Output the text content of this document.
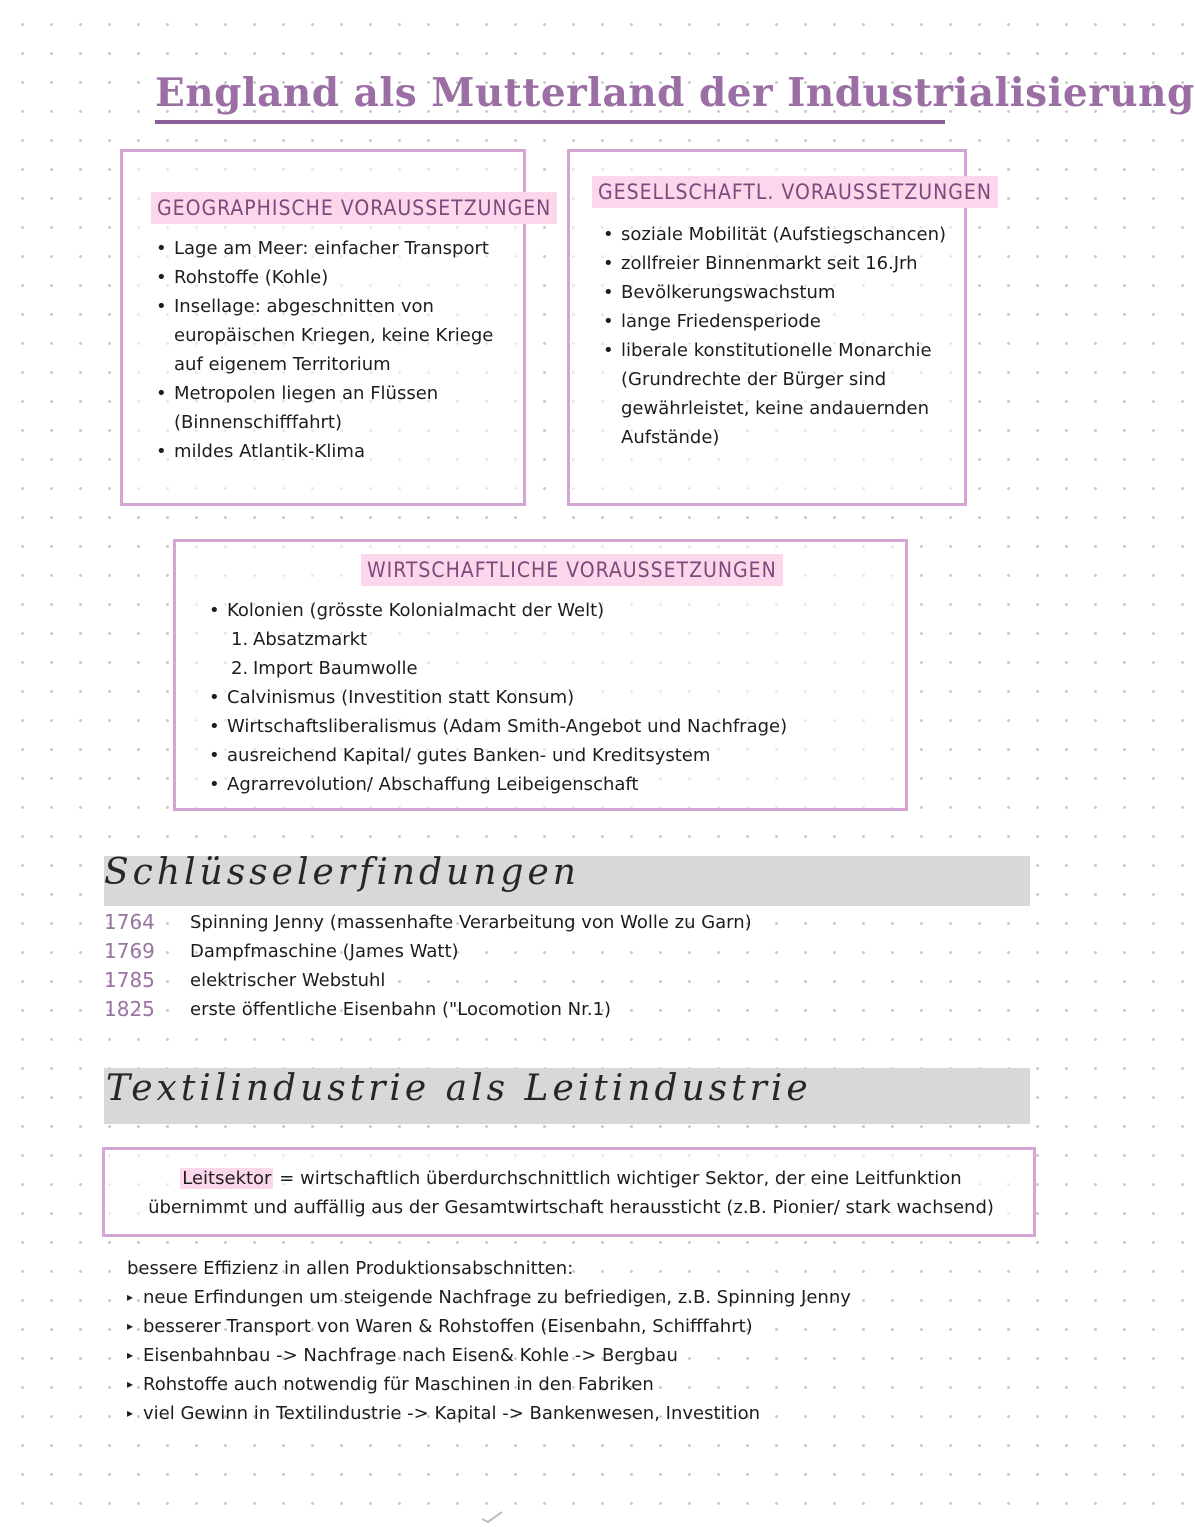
England als Mutterland der Industrialisierung
GEOGRAPHISCHE VORAUSSETZUNGEN
• Lage am Meer: einfacher Transport
• Rohstoffe (Kohle)
• Insellage: abgeschnitten von europäischen Kriegen, keine Kriege auf eigenem Territorium
• Metropolen liegen an Flüssen (Binnenschifffahrt)
• mildes Atlantik-Klima
GESELLSCHAFTL. VORAUSSETZUNGEN
• soziale Mobilität (Aufstiegschancen)
• zollfreier Binnenmarkt seit 16.Jrh
• Bevölkerungswachstum
• lange Friedensperiode
• liberale konstitutionelle Monarchie (Grundrechte der Bürger sind gewährleistet, keine andauernden Aufstände)
WIRTSCHAFTLICHE VORAUSSETZUNGEN
• Kolonien (grösste Kolonialmacht der Welt)
1. Absatzmarkt
2. Import Baumwolle
• Calvinismus (Investition statt Konsum)
• Wirtschaftsliberalismus (Adam Smith-Angebot und Nachfrage)
• ausreichend Kapital/ gutes Banken- und Kreditsystem
• Agrarrevolution/ Abschaffung Leibeigenschaft
Schlüsselerfindungen
1764 Spinning Jenny (massenhafte Verarbeitung von Wolle zu Garn)
1769 Dampfmaschine (James Watt)
1785 elektrischer Webstuhl
1825 erste öffentliche Eisenbahn ("Locomotion Nr.1)
Textilindustrie als Leitindustrie
Leitsektor = wirtschaftlich überdurchschnittlich wichtiger Sektor, der eine Leitfunktion
übernimmt und auffällig aus der Gesamtwirtschaft heraussticht (z.B. Pionier/ stark wachsend)
bessere Effizienz in allen Produktionsabschnitten:
▸ neue Erfindungen um steigende Nachfrage zu befriedigen, z.B. Spinning Jenny
▸ besserer Transport von Waren & Rohstoffen (Eisenbahn, Schifffahrt)
▸ Eisenbahnbau -> Nachfrage nach Eisen& Kohle -> Bergbau
▸ Rohstoffe auch notwendig für Maschinen in den Fabriken
▸ viel Gewinn in Textilindustrie -> Kapital -> Bankenwesen, Investition
